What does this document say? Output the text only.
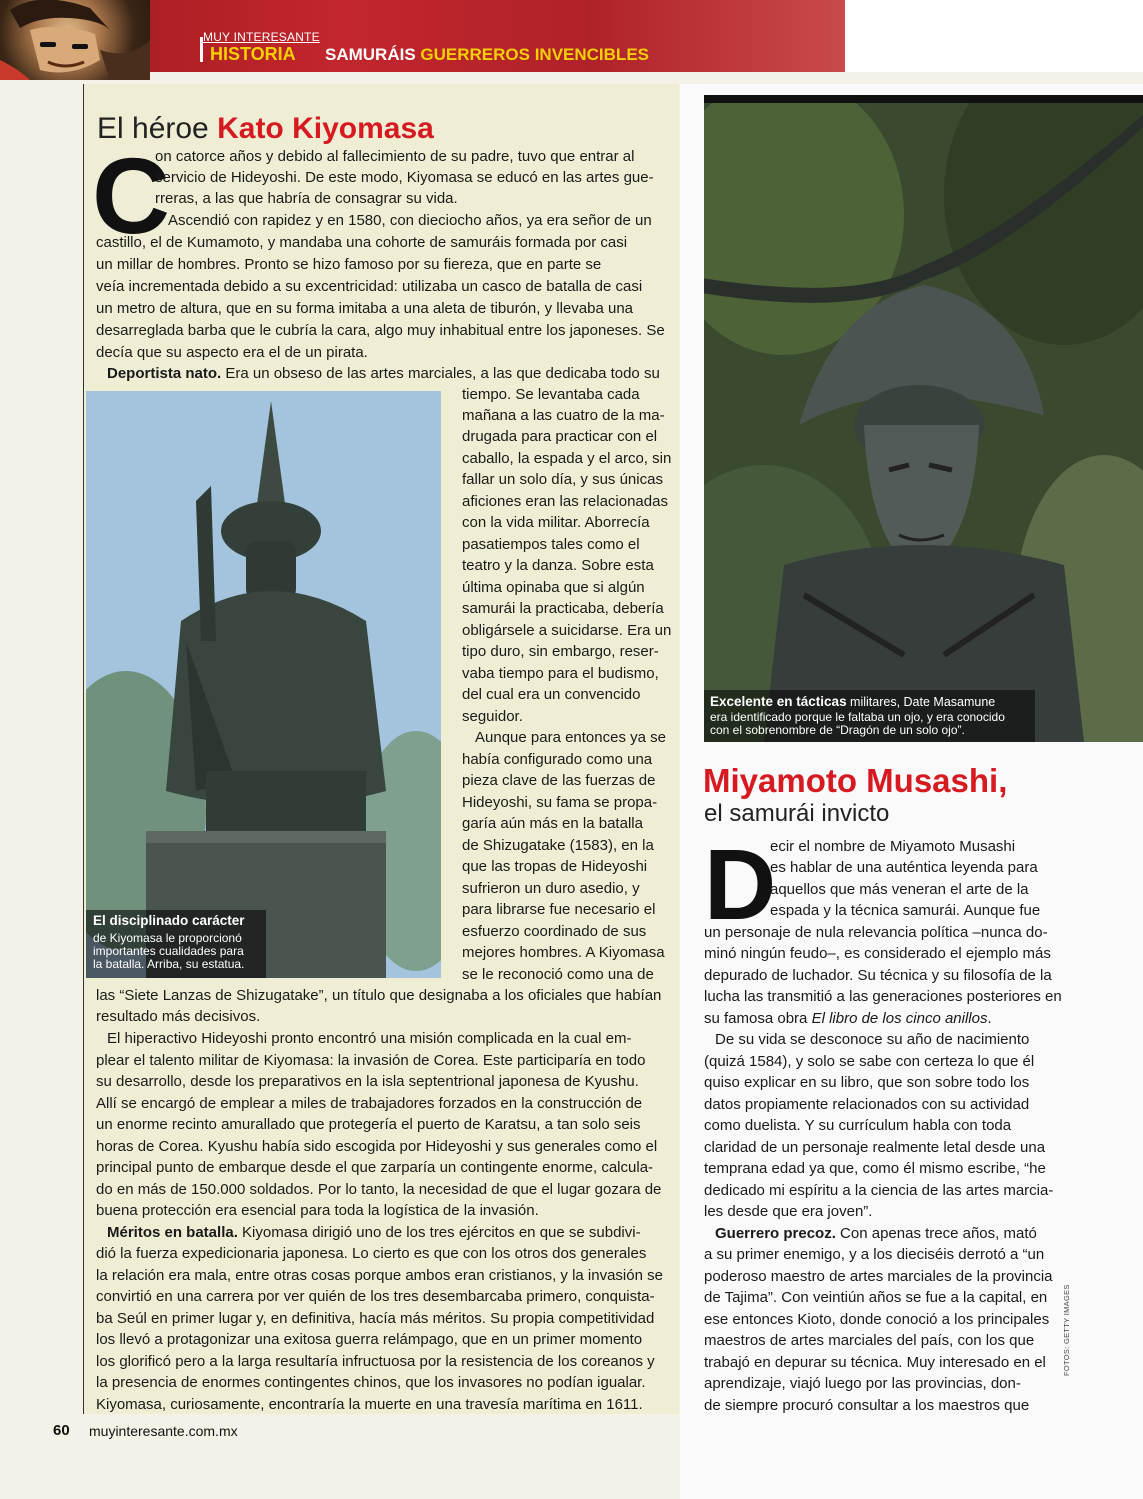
MUY INTERESANTE
HISTORIA SAMURÁIS GUERREROS INVENCIBLES
El héroe Kato Kiyomasa
C
on catorce años y debido al fallecimiento de su padre, tuvo que entrar al
servicio de Hideyoshi. De este modo, Kiyomasa se educó en las artes gue-
rreras, a las que habría de consagrar su vida.
Ascendió con rapidez y en 1580, con dieciocho años, ya era señor de un
castillo, el de Kumamoto, y mandaba una cohorte de samuráis formada por casi
un millar de hombres. Pronto se hizo famoso por su fiereza, que en parte se
veía incrementada debido a su excentricidad: utilizaba un casco de batalla de casi
un metro de altura, que en su forma imitaba a una aleta de tiburón, y llevaba una
desarreglada barba que le cubría la cara, algo muy inhabitual entre los japoneses. Se
decía que su aspecto era el de un pirata.
Deportista nato. Era un obseso de las artes marciales, a las que dedicaba todo su
El disciplinado carácter
de Kiyomasa le proporcionó
importantes cualidades para
la batalla. Arriba, su estatua.
tiempo. Se levantaba cada
mañana a las cuatro de la ma-
drugada para practicar con el
caballo, la espada y el arco, sin
fallar un solo día, y sus únicas
aficiones eran las relacionadas
con la vida militar. Aborrecía
pasatiempos tales como el
teatro y la danza. Sobre esta
última opinaba que si algún
samurái la practicaba, debería
obligársele a suicidarse. Era un
tipo duro, sin embargo, reser-
vaba tiempo para el budismo,
del cual era un convencido
seguidor.
Aunque para entonces ya se
había configurado como una
pieza clave de las fuerzas de
Hideyoshi, su fama se propa-
garía aún más en la batalla
de Shizugatake (1583), en la
que las tropas de Hideyoshi
sufrieron un duro asedio, y
para librarse fue necesario el
esfuerzo coordinado de sus
mejores hombres. A Kiyomasa
se le reconoció como una de
las “Siete Lanzas de Shizugatake”, un título que designaba a los oficiales que habían
resultado más decisivos.
El hiperactivo Hideyoshi pronto encontró una misión complicada en la cual em-
plear el talento militar de Kiyomasa: la invasión de Corea. Este participaría en todo
su desarrollo, desde los preparativos en la isla septentrional japonesa de Kyushu.
Allí se encargó de emplear a miles de trabajadores forzados en la construcción de
un enorme recinto amurallado que protegería el puerto de Karatsu, a tan solo seis
horas de Corea. Kyushu había sido escogida por Hideyoshi y sus generales como el
principal punto de embarque desde el que zarparía un contingente enorme, calcula-
do en más de 150.000 soldados. Por lo tanto, la necesidad de que el lugar gozara de
buena protección era esencial para toda la logística de la invasión.
Méritos en batalla. Kiyomasa dirigió uno de los tres ejércitos en que se subdivi-
dió la fuerza expedicionaria japonesa. Lo cierto es que con los otros dos generales
la relación era mala, entre otras cosas porque ambos eran cristianos, y la invasión se
convirtió en una carrera por ver quién de los tres desembarcaba primero, conquista-
ba Seúl en primer lugar y, en definitiva, hacía más méritos. Su propia competitividad
los llevó a protagonizar una exitosa guerra relámpago, que en un primer momento
los glorificó pero a la larga resultaría infructuosa por la resistencia de los coreanos y
la presencia de enormes contingentes chinos, que los invasores no podían igualar.
Kiyomasa, curiosamente, encontraría la muerte en una travesía marítima en 1611.
Excelente en tácticas militares, Date Masamune
era identificado porque le faltaba un ojo, y era conocido
con el sobrenombre de “Dragón de un solo ojo”.
Miyamoto Musashi,
el samurái invicto
D
ecir el nombre de Miyamoto Musashi
es hablar de una auténtica leyenda para
aquellos que más veneran el arte de la
espada y la técnica samurái. Aunque fue
un personaje de nula relevancia política –nunca do-
minó ningún feudo–, es considerado el ejemplo más
depurado de luchador. Su técnica y su filosofía de la
lucha las transmitió a las generaciones posteriores en
su famosa obra El libro de los cinco anillos.
De su vida se desconoce su año de nacimiento
(quizá 1584), y solo se sabe con certeza lo que él
quiso explicar en su libro, que son sobre todo los
datos propiamente relacionados con su actividad
como duelista. Y su currículum habla con toda
claridad de un personaje realmente letal desde una
temprana edad ya que, como él mismo escribe, “he
dedicado mi espíritu a la ciencia de las artes marcia-
les desde que era joven”.
Guerrero precoz. Con apenas trece años, mató
a su primer enemigo, y a los dieciséis derrotó a “un
poderoso maestro de artes marciales de la provincia
de Tajima”. Con veintiún años se fue a la capital, en
ese entonces Kioto, donde conoció a los principales
maestros de artes marciales del país, con los que
trabajó en depurar su técnica. Muy interesado en el
aprendizaje, viajó luego por las provincias, don-
de siempre procuró consultar a los maestros que
FOTOS: GETTY IMAGES
60 muyinteresante.com.mx
